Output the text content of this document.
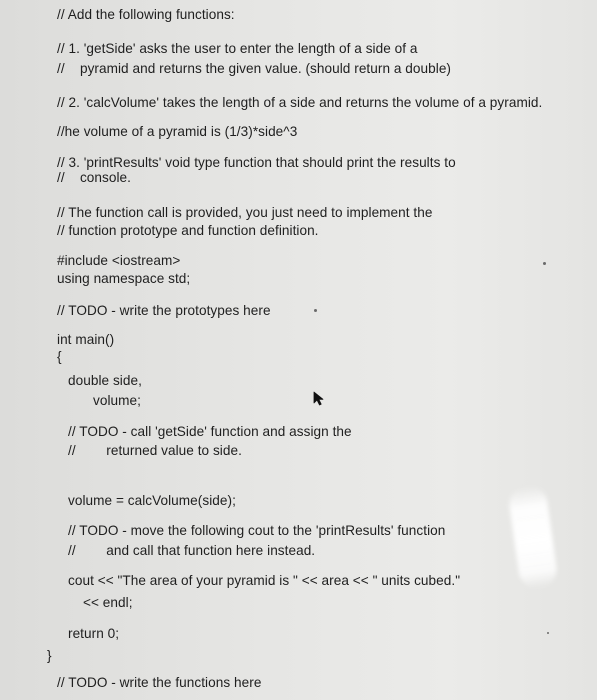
// Add the following functions:
// 1. 'getSide' asks the user to enter the length of a side of a
//    pyramid and returns the given value. (should return a double)
// 2. 'calcVolume' takes the length of a side and returns the volume of a pyramid.
//he volume of a pyramid is (1/3)*side^3
// 3. 'printResults' void type function that should print the results to
//    console.
// The function call is provided, you just need to implement the
// function prototype and function definition.
#include <iostream>
using namespace std;
// TODO - write the prototypes here
int main()
{
double side,
volume;
// TODO - call 'getSide' function and assign the
//        returned value to side.
volume = calcVolume(side);
// TODO - move the following cout to the 'printResults' function
//        and call that function here instead.
cout << "The area of your pyramid is " << area << " units cubed."
<< endl;
return 0;
}
// TODO - write the functions here
